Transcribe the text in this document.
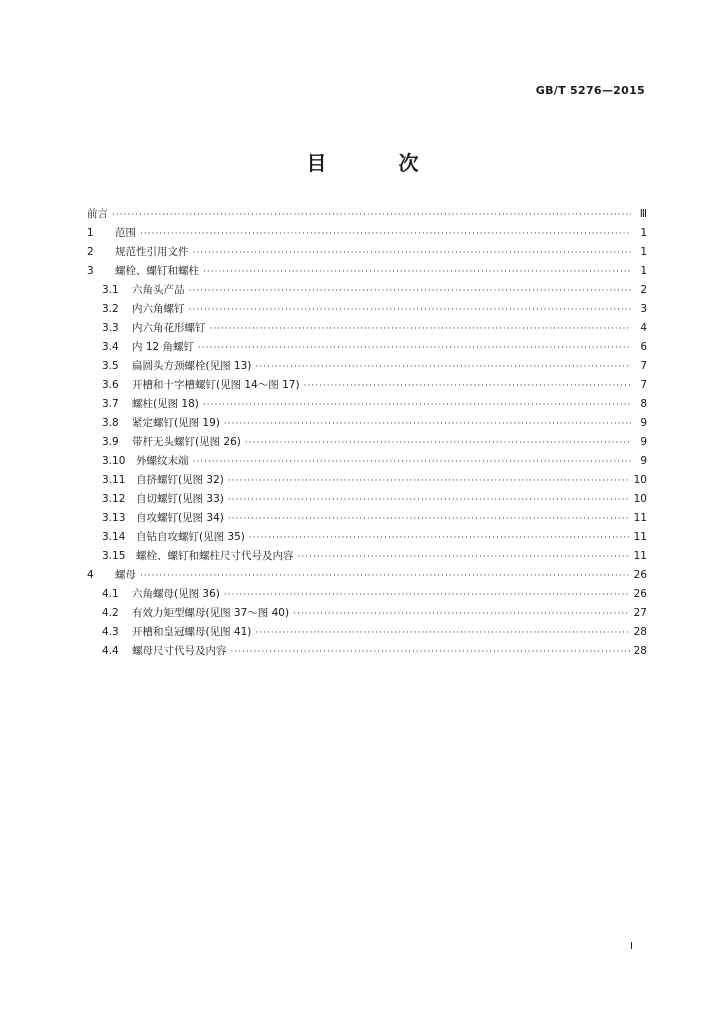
GB/T 5276—2015
目　次
前言 ·····	Ⅲ
1	范围 ·····	1
2	规范性引用文件 ·····	1
3	螺栓、螺钉和螺柱 ·····	1
3.1	六角头产品 ·····	2
3.2	内六角螺钉 ·····	3
3.3	内六角花形螺钉 ·····	4
3.4	内 12 角螺钉 ·····	6
3.5	扁圆头方颈螺栓(见图 13) ·····	7
3.6	开槽和十字槽螺钉(见图 14～图 17) ·····	7
3.7	螺柱(见图 18) ·····	8
3.8	紧定螺钉(见图 19) ·····	9
3.9	带杆无头螺钉(见图 26) ·····	9
3.10	外螺纹末端 ·····	9
3.11	自挤螺钉(见图 32) ·····	10
3.12	自切螺钉(见图 33) ·····	10
3.13	自攻螺钉(见图 34) ·····	11
3.14	自钻自攻螺钉(见图 35) ·····	11
3.15	螺栓、螺钉和螺柱尺寸代号及内容 ·····	11
4	螺母 ·····	26
4.1	六角螺母(见图 36) ·····	26
4.2	有效力矩型螺母(见图 37～图 40) ·····	27
4.3	开槽和皇冠螺母(见图 41) ·····	28
4.4	螺母尺寸代号及内容 ·····	28
I
